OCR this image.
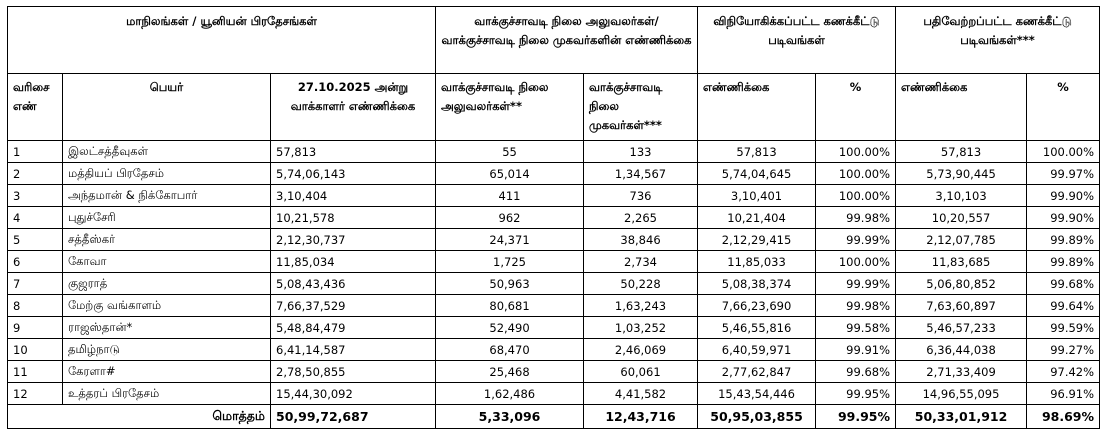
மாநிலங்கள் / யூனியன் பிரதேசங்கள்			வாக்குச்சாவடி நிலை அலுவலர்கள்/ வாக்குச்சாவடி நிலை முகவர்களின் எண்ணிக்கை		விநியோகிக்கப்பட்ட கணக்கீட்டு படிவங்கள்		பதிவேற்றப்பட்ட கணக்கீட்டு படிவங்கள்***	
வரிசை எண்	பெயர்	27.10.2025 அன்று வாக்காளர் எண்ணிக்கை	வாக்குச்சாவடி நிலை அலுவலர்கள்**	வாக்குச்சாவடி நிலை முகவர்கள்***	எண்ணிக்கை	%	எண்ணிக்கை	%
1	இலட்சத்தீவுகள்	57,813	55	133	57,813	100.00%	57,813	100.00%
2	மத்தியப் பிரதேசம்	5,74,06,143	65,014	1,34,567	5,74,04,645	100.00%	5,73,90,445	99.97%
3	அந்தமான் & நிக்கோபார்	3,10,404	411	736	3,10,401	100.00%	3,10,103	99.90%
4	புதுச்சேரி	10,21,578	962	2,265	10,21,404	99.98%	10,20,557	99.90%
5	சத்தீஸ்கர்	2,12,30,737	24,371	38,846	2,12,29,415	99.99%	2,12,07,785	99.89%
6	கோவா	11,85,034	1,725	2,734	11,85,033	100.00%	11,83,685	99.89%
7	குஜராத்	5,08,43,436	50,963	50,228	5,08,38,374	99.99%	5,06,80,852	99.68%
8	மேற்கு வங்காளம்	7,66,37,529	80,681	1,63,243	7,66,23,690	99.98%	7,63,60,897	99.64%
9	ராஜஸ்தான்*	5,48,84,479	52,490	1,03,252	5,46,55,816	99.58%	5,46,57,233	99.59%
10	தமிழ்நாடு	6,41,14,587	68,470	2,46,069	6,40,59,971	99.91%	6,36,44,038	99.27%
11	கேரளா#	2,78,50,855	25,468	60,061	2,77,62,847	99.68%	2,71,33,409	97.42%
12	உத்தரப் பிரதேசம்	15,44,30,092	1,62,486	4,41,582	15,43,54,446	99.95%	14,96,55,095	96.91%
மொத்தம்		50,99,72,687	5,33,096	12,43,716	50,95,03,855	99.95%	50,33,01,912	98.69%
